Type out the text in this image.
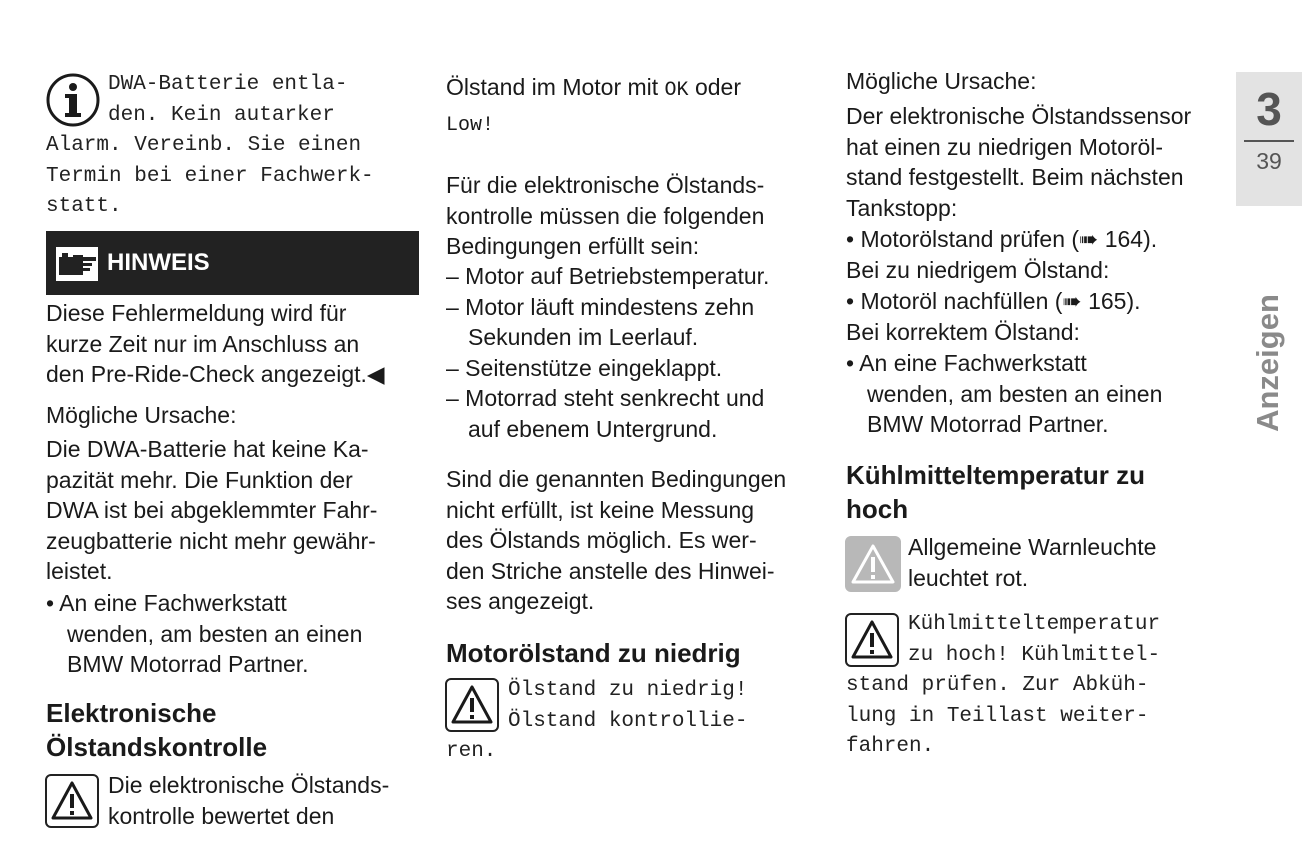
DWA-Batterie entla-
den. Kein autarker
Alarm. Vereinb. Sie einen
Termin bei einer Fachwerk-
statt.
HINWEIS
Diese Fehlermeldung wird für
kurze Zeit nur im Anschluss an
den Pre-Ride-Check angezeigt.◀

Mögliche Ursache:

Die DWA-Batterie hat keine Ka-
pazität mehr. Die Funktion der
DWA ist bei abgeklemmter Fahr-
zeugbatterie nicht mehr gewähr-
leistet.
• An eine Fachwerkstatt
wenden, am besten an einen
BMW Motorrad Partner.
Elektronische
Ölstandskontrolle
Die elektronische Ölstands-
kontrolle bewertet den
Ölstand im Motor mit OK oder
Low!
Für die elektronische Ölstands-
kontrolle müssen die folgenden
Bedingungen erfüllt sein:
– Motor auf Betriebstemperatur.
– Motor läuft mindestens zehn
Sekunden im Leerlauf.
– Seitenstütze eingeklappt.
– Motorrad steht senkrecht und
auf ebenem Untergrund.
Sind die genannten Bedingungen
nicht erfüllt, ist keine Messung
des Ölstands möglich. Es wer-
den Striche anstelle des Hinwei-
ses angezeigt.

Motorölstand zu niedrig

Ölstand zu niedrig!
Ölstand kontrollie-
ren.

Mögliche Ursache:

Der elektronische Ölstandssensor
hat einen zu niedrigen Motoröl-
stand festgestellt. Beim nächsten
Tankstopp:
• Motorölstand prüfen (➠ 164).
Bei zu niedrigem Ölstand:
• Motoröl nachfüllen (➠ 165).
Bei korrektem Ölstand:
• An eine Fachwerkstatt
wenden, am besten an einen
BMW Motorrad Partner.
Kühlmitteltemperatur zu
hoch
Allgemeine Warnleuchte
leuchtet rot.
Kühlmitteltemperatur
zu hoch! Kühlmittel-
stand prüfen. Zur Abküh-
lung in Teillast weiter-
fahren.
3
39
Anzeigen
